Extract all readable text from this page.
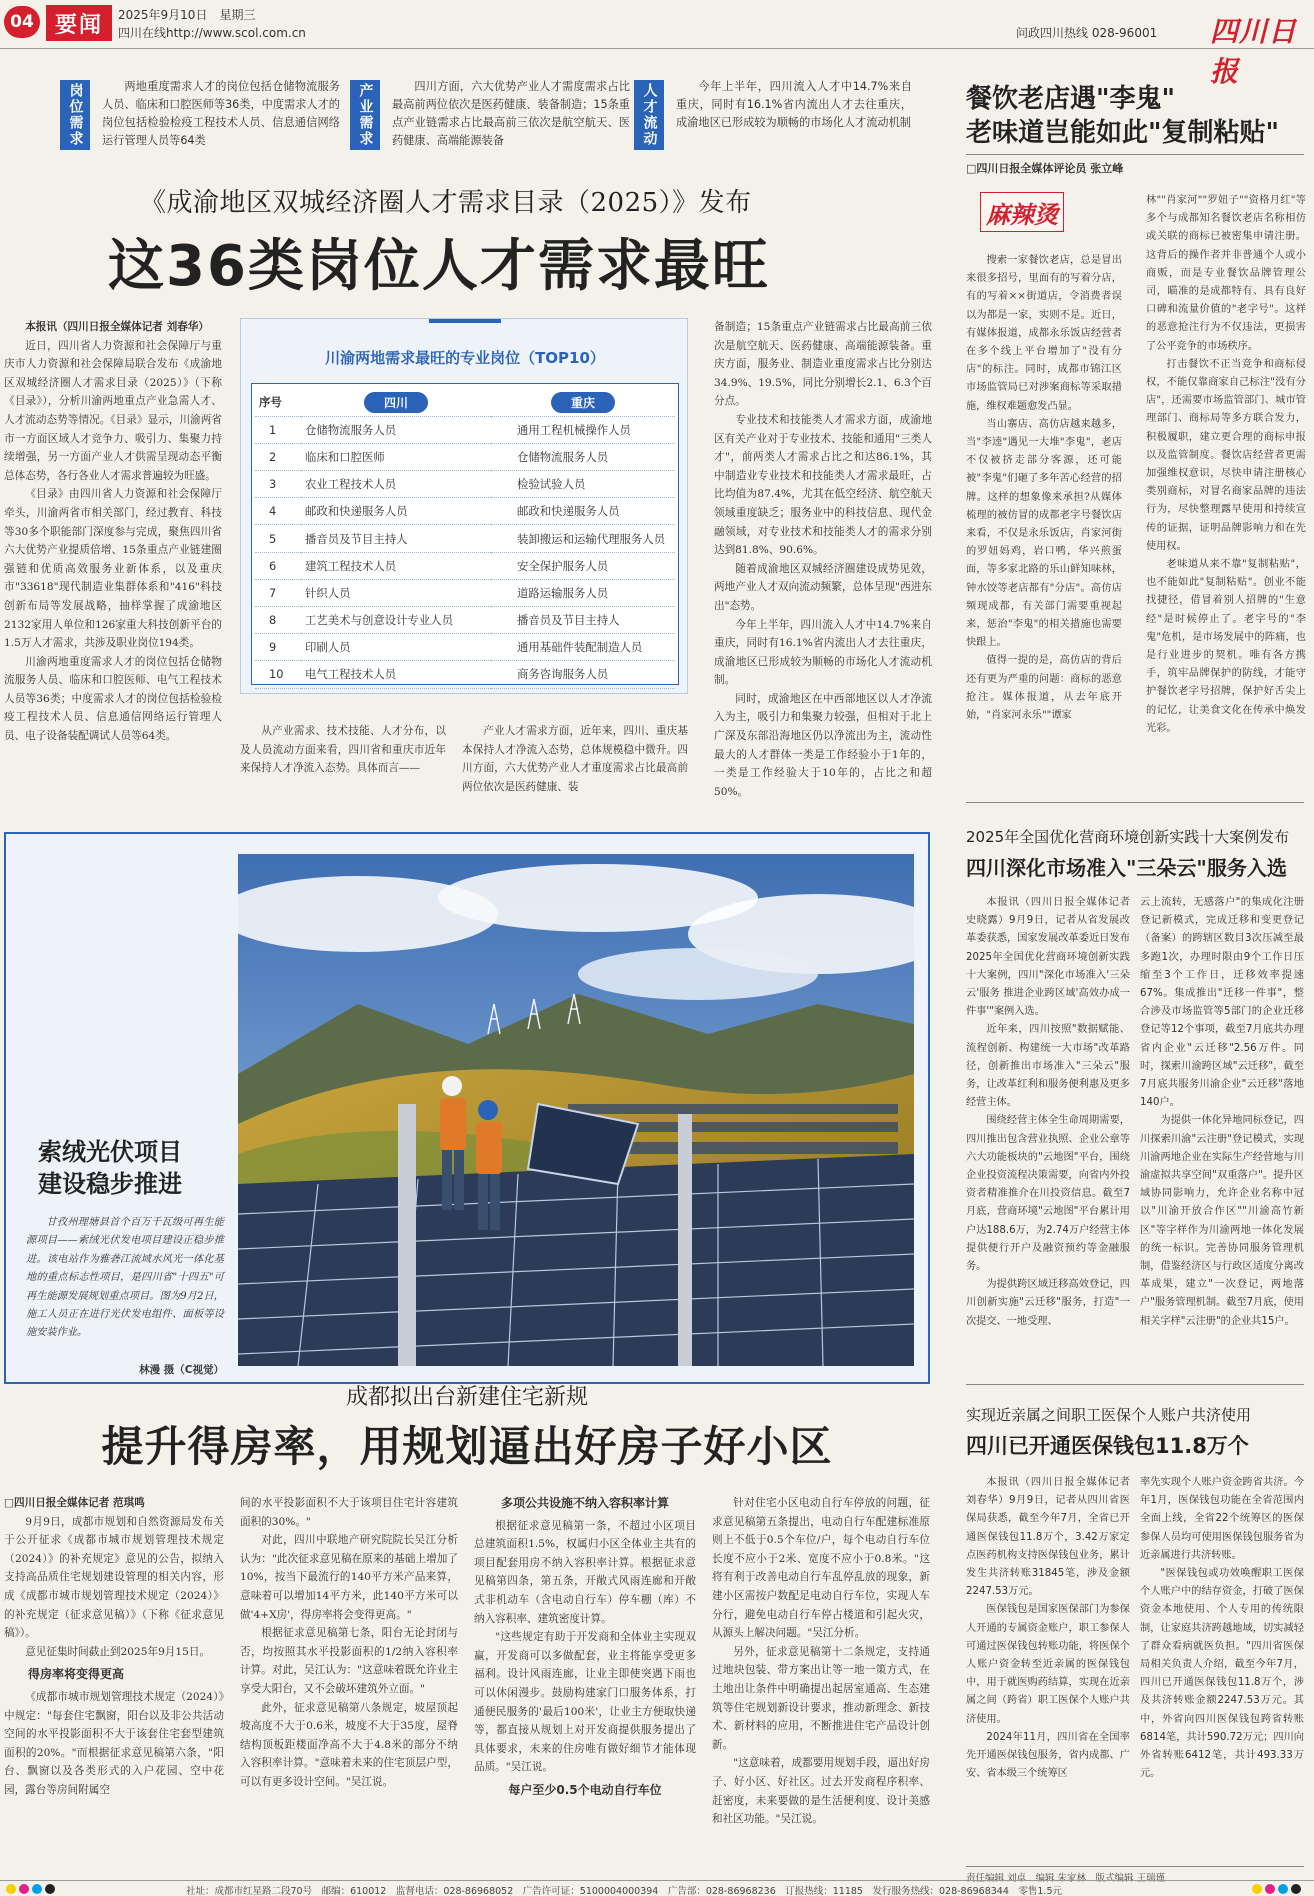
04 要闻 2025年9月10日　星期三
四川在线http://www.scol.com.cn	问政四川热线 028-96001 四川日报
岗位需求	两地重度需求人才的岗位包括仓储物流服务人员、临床和口腔医师等36类，中度需求人才的岗位包括检验检疫工程技术人员、信息通信网络运行管理人员等64类	产业需求	四川方面，六大优势产业人才需度需求占比最高前两位依次是医药健康、装备制造；15条重点产业链需求占比最高前三依次是航空航天、医药健康、高端能源装备	人才流动	今年上半年，四川流入人才中14.7%来自重庆，同时有16.1%省内流出人才去往重庆，成渝地区已形成较为顺畅的市场化人才流动机制

《成渝地区双城经济圈人才需求目录（2025）》发布
这36类岗位人才需求最旺

本报讯（四川日报全媒体记者 刘春华）

近日，四川省人力资源和社会保障厅与重庆市人力资源和社会保障局联合发布《成渝地区双城经济圈人才需求目录（2025）》（下称《目录》），分析川渝两地重点产业急需人才、人才流动态势等情况。《目录》显示，川渝两省市一方面区域人才竞争力、吸引力、集聚力持续增强，另一方面产业人才供需呈现动态平衡总体态势，各行各业人才需求普遍较为旺盛。

《目录》由四川省人力资源和社会保障厅牵头，川渝两省市相关部门，经过教育、科技等30多个职能部门深度参与完成，聚焦四川省六大优势产业提质倍增、15条重点产业链建圈强链和优质高效服务业新体系，以及重庆市"33618"现代制造业集群体系和"416"科技创新布局等发展战略，抽样掌握了成渝地区2132家用人单位和126家重大科技创新平台的1.5万人才需求，共涉及职业岗位194类。

川渝两地重度需求人才的岗位包括仓储物流服务人员、临床和口腔医师、电气工程技术人员等36类；中度需求人才的岗位包括检验检疫工程技术人员、信息通信网络运行管理人员、电子设备装配调试人员等64类。

川渝两地需求最旺的专业岗位（TOP10）
序号	四川	重庆
1	仓储物流服务人员	通用工程机械操作人员
2	临床和口腔医师	仓储物流服务人员
3	农业工程技术人员	检验试验人员
4	邮政和快递服务人员	邮政和快递服务人员
5	播音员及节目主持人	装卸搬运和运输代理服务人员
6	建筑工程技术人员	安全保护服务人员
7	针织人员	道路运输服务人员
8	工艺美术与创意设计专业人员	播音员及节目主持人
9	印刷人员	通用基础件装配制造人员
10	电气工程技术人员	商务咨询服务人员

从产业需求、技术技能、人才分布，以及人员流动方面来看，四川省和重庆市近年来保持人才净流入态势。具体而言——

产业人才需求方面，近年来，四川、重庆基本保持人才净流入态势，总体规模稳中微升。四川方面，六大优势产业人才重度需求占比最高前两位依次是医药健康、装

备制造；15条重点产业链需求占比最高前三依次是航空航天、医药健康、高端能源装备。重庆方面，服务业、制造业重度需求占比分别达34.9%、19.5%，同比分别增长2.1、6.3个百分点。

专业技术和技能类人才需求方面，成渝地区有关产业对于专业技术、技能和通用"三类人才"，前两类人才需求占比之和达86.1%，其中制造业专业技术和技能类人才需求最旺，占比均值为87.4%，尤其在低空经济、航空航天领域重度缺乏；服务业中的科技信息、现代金融领域，对专业技术和技能类人才的需求分别达到81.8%、90.6%。

随着成渝地区双城经济圈建设成势见效，两地产业人才双向流动频繁，总体呈现"西进东出"态势。

今年上半年，四川流入人才中14.7%来自重庆，同时有16.1%省内流出人才去往重庆，成渝地区已形成较为顺畅的市场化人才流动机制。

同时，成渝地区在中西部地区以人才净流入为主，吸引力和集聚力较强，但相对于北上广深及东部沿海地区仍以净流出为主，流动性最大的人才群体一类是工作经验小于1年的，一类是工作经验大于10年的，占比之和超50%。

餐饮老店遇"李鬼"
老味道岂能如此"复制粘贴"
□四川日报全媒体评论员 张立峰
麻辣烫

搜索一家餐饮老店，总是冒出来很多招号，里面有的写着分店，有的写着××街道店，令消费者误以为都是一家，实则不是。近日，有媒体报道，成都永乐饭店经营者在多个线上平台增加了"没有分店"的标注。同时，成都市锦江区市场监管局已对涉案商标等采取措施，维权难题愈发凸显。

当山寨店、高仿店越来越多，当"李逵"遇见一大堆"李鬼"，老店不仅被挤走部分客源，还可能被"李鬼"们砸了多年苦心经营的招牌。这样的想象像来承担?从媒体梳理的被仿冒的成都老字号餐饮店来看，不仅是永乐饭店，肖家河街的罗妞妈鸡，岩口鸭，华兴煎蛋面，等多家北路的乐山鲜知味林，钟水饺等老店都有"分店"。高仿店频现成都，有关部门需要重视起来，惩治"李鬼"的相关措施也需要快跟上。

值得一提的是，高仿店的背后还有更为严重的问题：商标的恶意抢注。媒体报道，从去年底开始，"肖家河永乐""谭家

林""肖家河""罗妞子""资格月红"等多个与成都知名餐饮老店名称相仿或关联的商标已被密集申请注册。这背后的操作者并非普通个人或小商贩，而是专业餐饮品牌管理公司，瞄准的是成都特有、具有良好口碑和流量价值的"老字号"。这样的恶意抢注行为不仅违法，更损害了公平竞争的市场秩序。

打击餐饮不正当竞争和商标侵权，不能仅靠商家自己标注"没有分店"，还需要市场监管部门、城市管理部门、商标局等多方联合发力，积极履职，建立更合理的商标申报以及监管制度。餐饮店经营者更需加强维权意识，尽快申请注册核心类别商标，对冒名商家品牌的违法行为，尽快整理露早使用和持续宣传的证据，证明品牌影响力和在先使用权。

老味道从来不靠"复制粘贴"，也不能如此"复制粘贴"。创业不能找捷径，借冒着别人招牌的"生意经"是时候停止了。老字号的"李鬼"危机，是市场发展中的阵痛，也是行业进步的契机。唯有各方携手，筑牢品牌保护的防线，才能守护餐饮老字号招牌，保护好舌尖上的记忆，让美食文化在传承中焕发光彩。

索绒光伏项目
建设稳步推进

甘孜州理塘县首个百万千瓦级可再生能源项目——索绒光伏发电项目建设正稳步推进。该电站作为雅砻江流域水风光一体化基地的重点标志性项目，是四川省"十四五"可再生能源发展规划重点项目。图为9月2日，施工人员正在进行光伏发电组件、面板等设施安装作业。

林漫 摄（C视觉）
2025年全国优化营商环境创新实践十大案例发布
四川深化市场准入"三朵云"服务入选

本报讯（四川日报全媒体记者 史晓露）9月9日，记者从省发展改革委获悉，国家发展改革委近日发布2025年全国优化营商环境创新实践十大案例，四川"深化市场准入'三朵云'服务 推进企业跨区域'高效办成一件事'"案例入选。

近年来，四川按照"数据赋能、流程创新、构建统一大市场"改革路径，创新推出市场准入"三朵云"服务，让改革红利和服务便利惠及更多经营主体。

围绕经营主体全生命周期需要，四川推出包含营业执照、企业公章等六大功能板块的"云地图"平台，围绕企业投资流程决策需要，向省内外投资者精准推介在川投资信息。截至7月底，营商环境"云地图"平台累计用户达188.6万，为2.74万户经营主体提供便行开户及融资预约等金融服务。

为提供跨区域迁移高效登记，四川创新实施"云迁移"服务，打造"一次提交、一地受理、

云上流转，无感落户"的集成化注册登记新模式，完成迁移和变更登记（备案）的跨辖区数目3次压减至最多跑1次，办理时限由9个工作日压缩至3个工作日，迁移效率提速67%。集成推出"迁移一件事"，整合涉及市场监管等5部门的企业迁移登记等12个事项，截至7月底共办理省内企业"云迁移"2.56万件。同时，探索川渝跨区域"云迁移"，截至7月底共服务川渝企业"云迁移"落地140户。

为提供一体化异地同标登记，四川探索川渝"云注册"登记模式，实现川渝两地企业在实际生产经营地与川渝虚拟共享空间"双重落户"。提升区域协同影响力，允许企业名称中冠以"川渝开放合作区""川渝高竹新区"等字样作为川渝两地一体化发展的统一标识。完善协同服务管理机制，借鉴经济区与行政区适度分离改革成果，建立"一次登记，两地落户"服务管理机制。截至7月底，使用相关字样"云注册"的企业共15户。

成都拟出台新建住宅新规
提升得房率，用规划逼出好房子好小区

□四川日报全媒体记者 范琪鸣

9月9日，成都市规划和自然资源局发布关于公开征求《成都市城市规划管理技术规定（2024）》的补充规定》意见的公告，拟纳入支持高品质住宅规划建设管理的相关内容，形成《成都市城市规划管理技术规定（2024）》的补充规定（征求意见稿）》（下称《征求意见稿》）。

意见征集时间截止到2025年9月15日。

得房率将变得更高

《成都市城市规划管理技术规定（2024）》中规定："每套住宅飘窗，阳台以及非公共活动空间的水平投影面积不大于该套住宅套型建筑面积的20%。"而根据征求意见稿第六条，"阳台、飘窗以及各类形式的入户花园、空中花园，露台等房间附属空

间的水平投影面积不大于该项目住宅计容建筑面积的30%。"

对此，四川中联地产研究院院长吴江分析认为："此次征求意见稿在原来的基础上增加了10%，按当下最流行的140平方米产品来算，意味着可以增加14平方米，此140平方米可以做'4+X房'，得房率将会变得更高。"

根据征求意见稿第七条，阳台无论封闭与否，均按照其水平投影面积的1/2纳入容积率计算。对此，吴江认为："这意味着既允许业主享受大阳台，又不会破坏建筑外立面。"

此外，征求意见稿第八条规定，坡屋顶起坡高度不大于0.6米，坡度不大于35度，屋脊结构顶板距楼面净高不大于4.8米的部分不纳入容积率计算。"意味着未来的住宅顶层户型，可以有更多设计空间。"吴江说。

多项公共设施不纳入容积率计算

根据征求意见稿第一条，不超过小区项目总建筑面积1.5%，权属归小区全体业主共有的项目配套用房不纳入容积率计算。根据征求意见稿第四条，第五条，开敞式风雨连廊和开敞式非机动车（含电动自行车）停车棚（库）不纳入容积率、建筑密度计算。

"这些规定有助于开发商和全体业主实现双赢，开发商可以多做配套，业主将能享受更多福利。设计风雨连廊，让业主即使突遇下雨也可以休闲漫步。鼓励构建家门口服务体系，打通便民服务的'最后100米'，让业主方便取快递等，都直接从规划上对开发商提供服务提出了具体要求，未来的住房唯有做好细节才能体现品质。"吴江说。

每户至少0.5个电动自行车位

针对住宅小区电动自行车停放的问题，征求意见稿第五条提出，电动自行车配建标准原则上不低于0.5个车位/户，每个电动自行车位长度不应小于2米、宽度不应小于0.8米。"这将有利于改善电动自行车乱停乱放的现象，新建小区需按户数配足电动自行车位，实现人车分行，避免电动自行车停占楼道和引起火灾，从源头上解决问题。"吴江分析。

另外，征求意见稿第十二条规定，支持通过地块包装、带方案出让等一地一策方式，在土地出让条件中明确提出起居室通高、生态建筑等住宅规划新设计要求，推动新理念、新技术、新材料的应用，不断推进住宅产品设计创新。

"这意味着，成都要用规划手段，逼出好房子、好小区、好社区。过去开发商程序积率、赶密度，未来要做的是生活便利度、设计美感和社区功能。"吴江说。

实现近亲属之间职工医保个人账户共济使用
四川已开通医保钱包11.8万个

本报讯（四川日报全媒体记者 刘春华）9月9日，记者从四川省医保局获悉，截至今年7月，全省已开通医保钱包11.8万个，3.42万家定点医药机构支持医保钱包业务，累计发生共济转账31845笔，涉及金额2247.53万元。

医保钱包是国家医保部门为参保人开通的专属资金账户，职工参保人可通过医保钱包转账功能，将医保个人账户资金转至近亲属的医保钱包中，用于就医购药结算，实现在近亲属之间（跨省）职工医保个人账户共济使用。

2024年11月，四川省在全国率先开通医保钱包服务，省内成都、广安、省本级三个统筹区

率先实现个人账户资金跨省共济。今年1月，医保钱包功能在全省范围内全面上线，全省22个统筹区的医保参保人员均可使用医保钱包服务省为近亲属进行共济转账。

"医保钱包或功效唤醒职工医保个人账户中的结存资金，打破了医保资金本地使用、个人专用的传统限制，让家庭共济跨越地域，切实减轻了群众看病就医负担。"四川省医保局相关负责人介绍，截至今年7月，四川已开通医保钱包11.8万个，涉及共济转账金额2247.53万元。其中，外省向四川医保钱包跨省转账6814笔，共计590.72万元；四川向外省转账6412笔，共计493.33万元。

责任编辑 刘卓　编辑 朱家林　版式编辑 王瑞瑾
社址：成都市红星路二段70号　邮编：610012　监督电话：028-86968052　广告许可证：5100004000394　广告部：028-86968236　订报热线：11185　发行服务热线：028-86968344　零售1.5元
